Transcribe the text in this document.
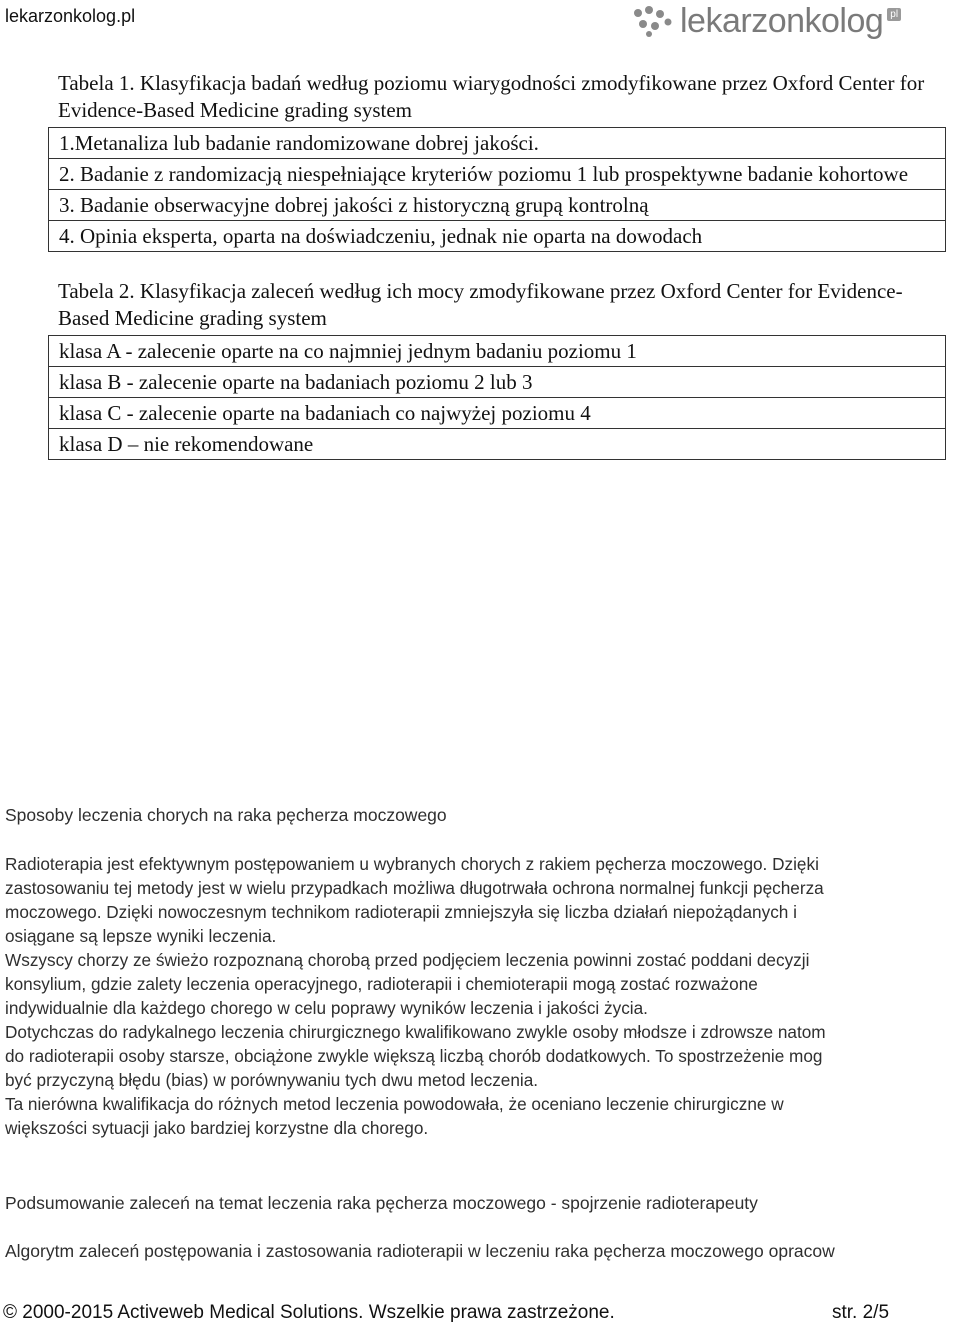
lekarzonkolog.pl	lekarzonkolog pl
Tabela 1. Klasyfikacja badań według poziomu wiarygodności zmodyfikowane przez Oxford Center for Evidence-Based Medicine grading system
1.Metanaliza lub badanie randomizowane dobrej jakości.
2. Badanie z randomizacją niespełniające kryteriów poziomu 1 lub prospektywne badanie kohortowe
3. Badanie obserwacyjne dobrej jakości z historyczną grupą kontrolną
4. Opinia eksperta, oparta na doświadczeniu, jednak nie oparta na dowodach
Tabela 2. Klasyfikacja zaleceń według ich mocy zmodyfikowane przez Oxford Center for Evidence-Based Medicine grading system
klasa A - zalecenie oparte na co najmniej jednym badaniu poziomu 1
klasa B - zalecenie oparte na badaniach poziomu 2 lub 3
klasa C - zalecenie oparte na badaniach co najwyżej poziomu 4
klasa D – nie rekomendowane
Sposoby leczenia chorych na raka pęcherza moczowego

Radioterapia jest efektywnym postępowaniem u wybranych chorych z rakiem pęcherza moczowego. Dzięki

zastosowaniu tej metody jest w wielu przypadkach możliwa długotrwała ochrona normalnej funkcji pęcherza

moczowego. Dzięki nowoczesnym technikom radioterapii zmniejszyła się liczba działań niepożądanych i

osiągane są lepsze wyniki leczenia.

Wszyscy chorzy ze świeżo rozpoznaną chorobą przed podjęciem leczenia powinni zostać poddani decyzji

konsylium, gdzie zalety leczenia operacyjnego, radioterapii i chemioterapii mogą zostać rozważone

indywidualnie dla każdego chorego w celu poprawy wyników leczenia i jakości życia.

Dotychczas do radykalnego leczenia chirurgicznego kwalifikowano zwykle osoby młodsze i zdrowsze natom

do radioterapii osoby starsze, obciążone zwykle większą liczbą chorób dodatkowych. To spostrzeżenie mog

być przyczyną błędu (bias) w porównywaniu tych dwu metod leczenia.

Ta nierówna kwalifikacja do różnych metod leczenia powodowała, że oceniano leczenie chirurgiczne w

większości sytuacji jako bardziej korzystne dla chorego.

Podsumowanie zaleceń na temat leczenia raka pęcherza moczowego - spojrzenie radioterapeuty
Algorytm zaleceń postępowania i zastosowania radioterapii w leczeniu raka pęcherza moczowego opracow
© 2000-2015 Activeweb Medical Solutions. Wszelkie prawa zastrzeżone.	str. 2/5
